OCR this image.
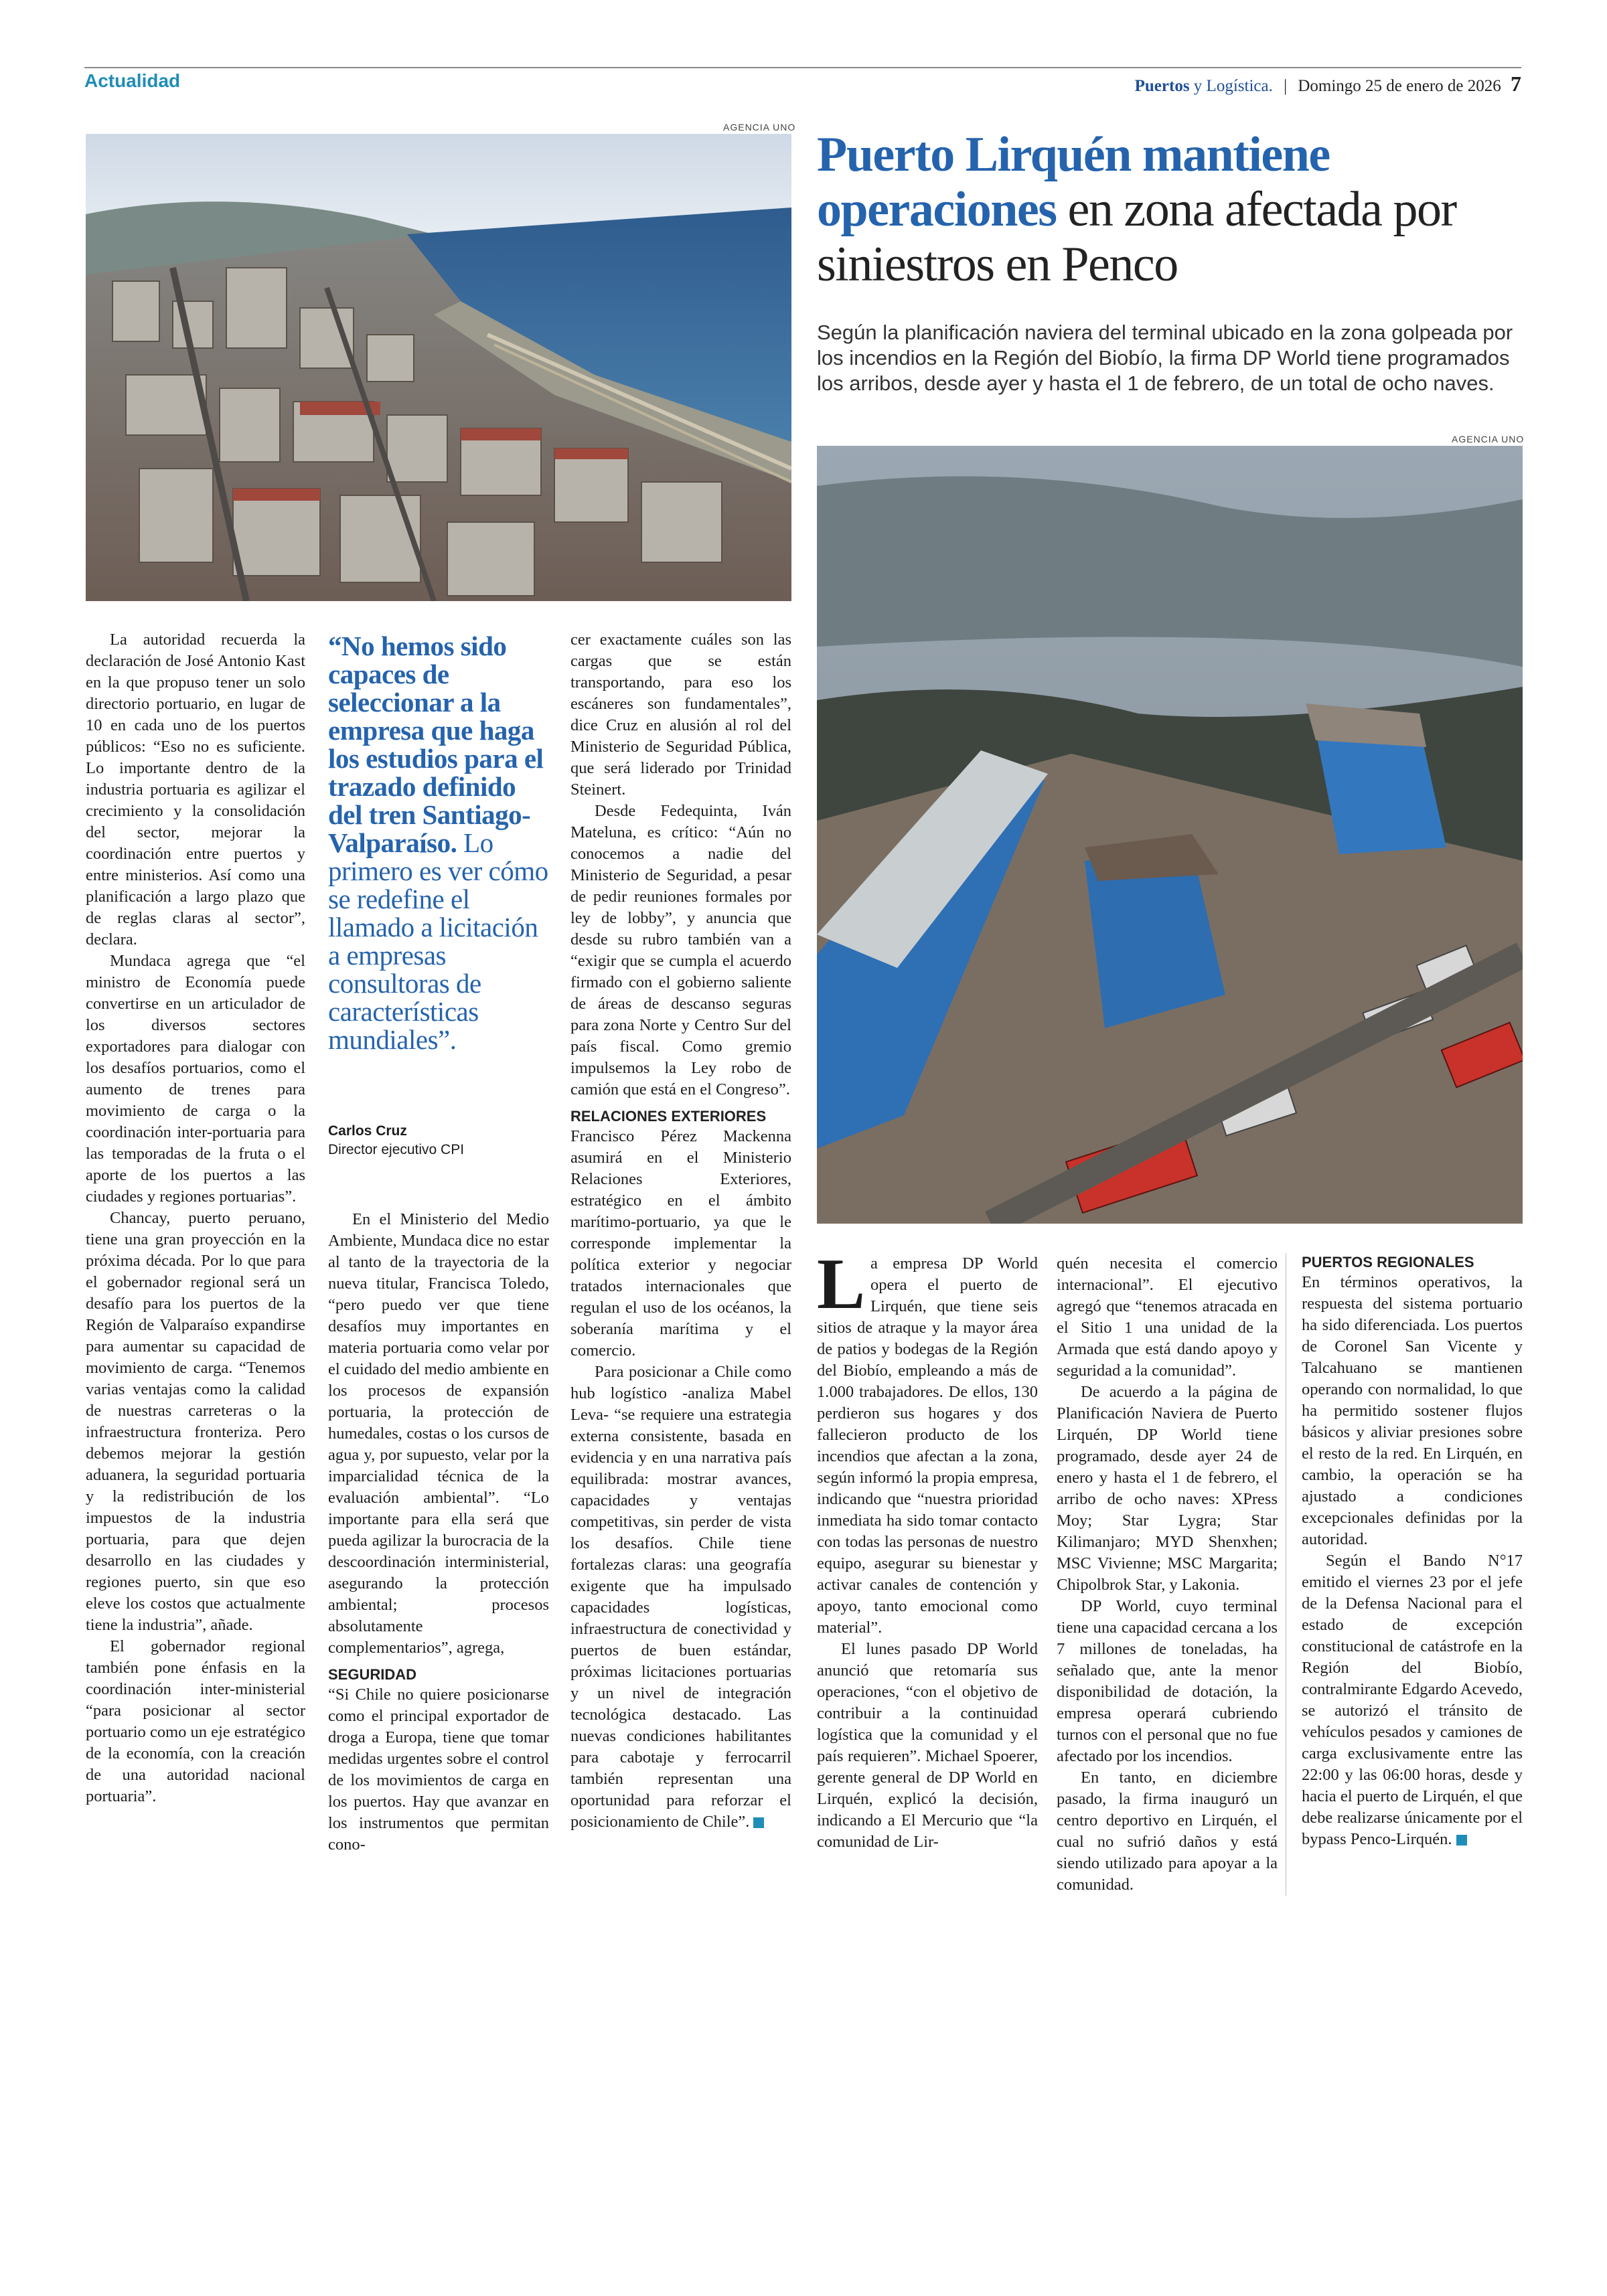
Actualidad	Puertos y Logística. | Domingo 25 de enero de 2026 7
AGENCIA UNO Puerto Lirquén mantiene operaciones en zona afectada por siniestros en Penco
Según la planificación naviera del terminal ubicado en la zona golpeada por los incendios en la Región del Biobío, la firma DP World tiene programados los arribos, desde ayer y hasta el 1 de febrero, de un total de ocho naves.
AGENCIA UNO

La autoridad recuerda la declaración de José Antonio Kast en la que propuso tener un solo directorio portuario, en lugar de 10 en cada uno de los puertos públicos: “Eso no es suficiente. Lo importante dentro de la industria portuaria es agilizar el crecimiento y la consolidación del sector, mejorar la coordinación entre puertos y entre ministerios. Así como una planificación a largo plazo que de reglas claras al sector”, declara.

Mundaca agrega que “el ministro de Economía puede convertirse en un articulador de los diversos sectores exportadores para dialogar con los desafíos portuarios, como el aumento de trenes para movimiento de carga o la coordinación inter-portuaria para las temporadas de la fruta o el aporte de los puertos a las ciudades y regiones portuarias”.

Chancay, puerto peruano, tiene una gran proyección en la próxima década. Por lo que para el gobernador regional será un desafío para los puertos de la Región de Valparaíso expandirse para aumentar su capacidad de movimiento de carga. “Tenemos varias ventajas como la calidad de nuestras carreteras o la infraestructura fronteriza. Pero debemos mejorar la gestión aduanera, la seguridad portuaria y la redistribución de los impuestos de la industria portuaria, para que dejen desarrollo en las ciudades y regiones puerto, sin que eso eleve los costos que actualmente tiene la industria”, añade.

El gobernador regional también pone énfasis en la coordinación inter-ministerial “para posicionar al sector portuario como un eje estratégico de la economía, con la creación de una autoridad nacional portuaria”.

“No hemos sido capaces de seleccionar a la empresa que haga los estudios para el trazado definido del tren Santiago-Valparaíso. Lo primero es ver cómo se redefine el llamado a licitación a empresas consultoras de características mundiales”.
Carlos Cruz
Director ejecutivo CPI

En el Ministerio del Medio Ambiente, Mundaca dice no estar al tanto de la trayectoria de la nueva titular, Francisca Toledo, “pero puedo ver que tiene desafíos muy importantes en materia portuaria como velar por el cuidado del medio ambiente en los procesos de expansión portuaria, la protección de humedales, costas o los cursos de agua y, por supuesto, velar por la imparcialidad técnica de la evaluación ambiental”. “Lo importante para ella será que pueda agilizar la burocracia de la descoordinación interministerial, asegurando la protección ambiental; procesos absolutamente complementarios”, agrega,

SEGURIDAD

“Si Chile no quiere posicionarse como el principal exportador de droga a Europa, tiene que tomar medidas urgentes sobre el control de los movimientos de carga en los puertos. Hay que avanzar en los instrumentos que permitan cono-

cer exactamente cuáles son las cargas que se están transportando, para eso los escáneres son fundamentales”, dice Cruz en alusión al rol del Ministerio de Seguridad Pública, que será liderado por Trinidad Steinert.

Desde Fedequinta, Iván Mateluna, es crítico: “Aún no conocemos a nadie del Ministerio de Seguridad, a pesar de pedir reuniones formales por ley de lobby”, y anuncia que desde su rubro también van a “exigir que se cumpla el acuerdo firmado con el gobierno saliente de áreas de descanso seguras para zona Norte y Centro Sur del país fiscal. Como gremio impulsemos la Ley robo de camión que está en el Congreso”.

RELACIONES EXTERIORES

Francisco Pérez Mackenna asumirá en el Ministerio Relaciones Exteriores, estratégico en el ámbito marítimo-portuario, ya que le corresponde implementar la política exterior y negociar tratados internacionales que regulan el uso de los océanos, la soberanía marítima y el comercio.

Para posicionar a Chile como hub logístico -analiza Mabel Leva- “se requiere una estrategia externa consistente, basada en evidencia y en una narrativa país equilibrada: mostrar avances, capacidades y ventajas competitivas, sin perder de vista los desafíos. Chile tiene fortalezas claras: una geografía exigente que ha impulsado capacidades logísticas, infraestructura de conectividad y puertos de buen estándar, próximas licitaciones portuarias y un nivel de integración tecnológica destacado. Las nuevas condiciones habilitantes para cabotaje y ferrocarril también representan una oportunidad para reforzar el posicionamiento de Chile”.

La empresa DP World opera el puerto de Lirquén, que tiene seis sitios de atraque y la mayor área de patios y bodegas de la Región del Biobío, empleando a más de 1.000 trabajadores. De ellos, 130 perdieron sus hogares y dos fallecieron producto de los incendios que afectan a la zona, según informó la propia empresa, indicando que “nuestra prioridad inmediata ha sido tomar contacto con todas las personas de nuestro equipo, asegurar su bienestar y activar canales de contención y apoyo, tanto emocional como material”.

El lunes pasado DP World anunció que retomaría sus operaciones, “con el objetivo de contribuir a la continuidad logística que la comunidad y el país requieren”. Michael Spoerer, gerente general de DP World en Lirquén, explicó la decisión, indicando a El Mercurio que “la comunidad de Lir-

quén necesita el comercio internacional”. El ejecutivo agregó que “tenemos atracada en el Sitio 1 una unidad de la Armada que está dando apoyo y seguridad a la comunidad”.

De acuerdo a la página de Planificación Naviera de Puerto Lirquén, DP World tiene programado, desde ayer 24 de enero y hasta el 1 de febrero, el arribo de ocho naves: XPress Moy; Star Lygra; Star Kilimanjaro; MYD Shenxhen; MSC Vivienne; MSC Margarita; Chipolbrok Star, y Lakonia.

DP World, cuyo terminal tiene una capacidad cercana a los 7 millones de toneladas, ha señalado que, ante la menor disponibilidad de dotación, la empresa operará cubriendo turnos con el personal que no fue afectado por los incendios.

En tanto, en diciembre pasado, la firma inauguró un centro deportivo en Lirquén, el cual no sufrió daños y está siendo utilizado para apoyar a la comunidad.

PUERTOS REGIONALES

En términos operativos, la respuesta del sistema portuario ha sido diferenciada. Los puertos de Coronel San Vicente y Talcahuano se mantienen operando con normalidad, lo que ha permitido sostener flujos básicos y aliviar presiones sobre el resto de la red. En Lirquén, en cambio, la operación se ha ajustado a condiciones excepcionales definidas por la autoridad.

Según el Bando N°17 emitido el viernes 23 por el jefe de la Defensa Nacional para el estado de excepción constitucional de catástrofe en la Región del Biobío, contralmirante Edgardo Acevedo, se autorizó el tránsito de vehículos pesados y camiones de carga exclusivamente entre las 22:00 y las 06:00 horas, desde y hacia el puerto de Lirquén, el que debe realizarse únicamente por el bypass Penco-Lirquén.
